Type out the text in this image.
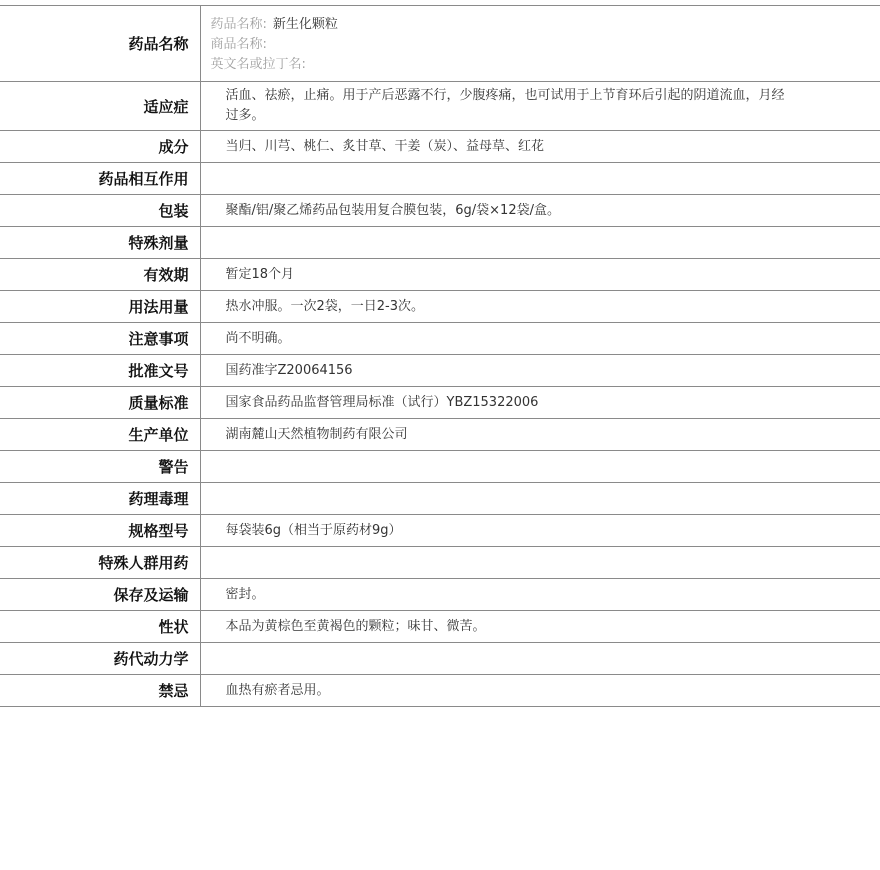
药品名称	药品名称: 新生化颗粒
商品名称:
英文名或拉丁名:

适应症	活血、祛瘀，止痛。用于产后恶露不行，少腹疼痛，也可试用于上节育环后引起的阴道流血，月经过多。
成分	当归、川芎、桃仁、炙甘草、干姜（炭）、益母草、红花
药品相互作用	
包装	聚酯/铝/聚乙烯药品包装用复合膜包装，6g/袋×12袋/盒。
特殊剂量	
有效期	暂定18个月
用法用量	热水冲服。一次2袋，一日2-3次。
注意事项	尚不明确。
批准文号	国药准字Z20064156
质量标准	国家食品药品监督管理局标准（试行）YBZ15322006
生产单位	湖南麓山天然植物制药有限公司
警告	
药理毒理	
规格型号	每袋装6g（相当于原药材9g）
特殊人群用药	
保存及运输	密封。
性状	本品为黄棕色至黄褐色的颗粒；味甘、微苦。
药代动力学	
禁忌	血热有瘀者忌用。
